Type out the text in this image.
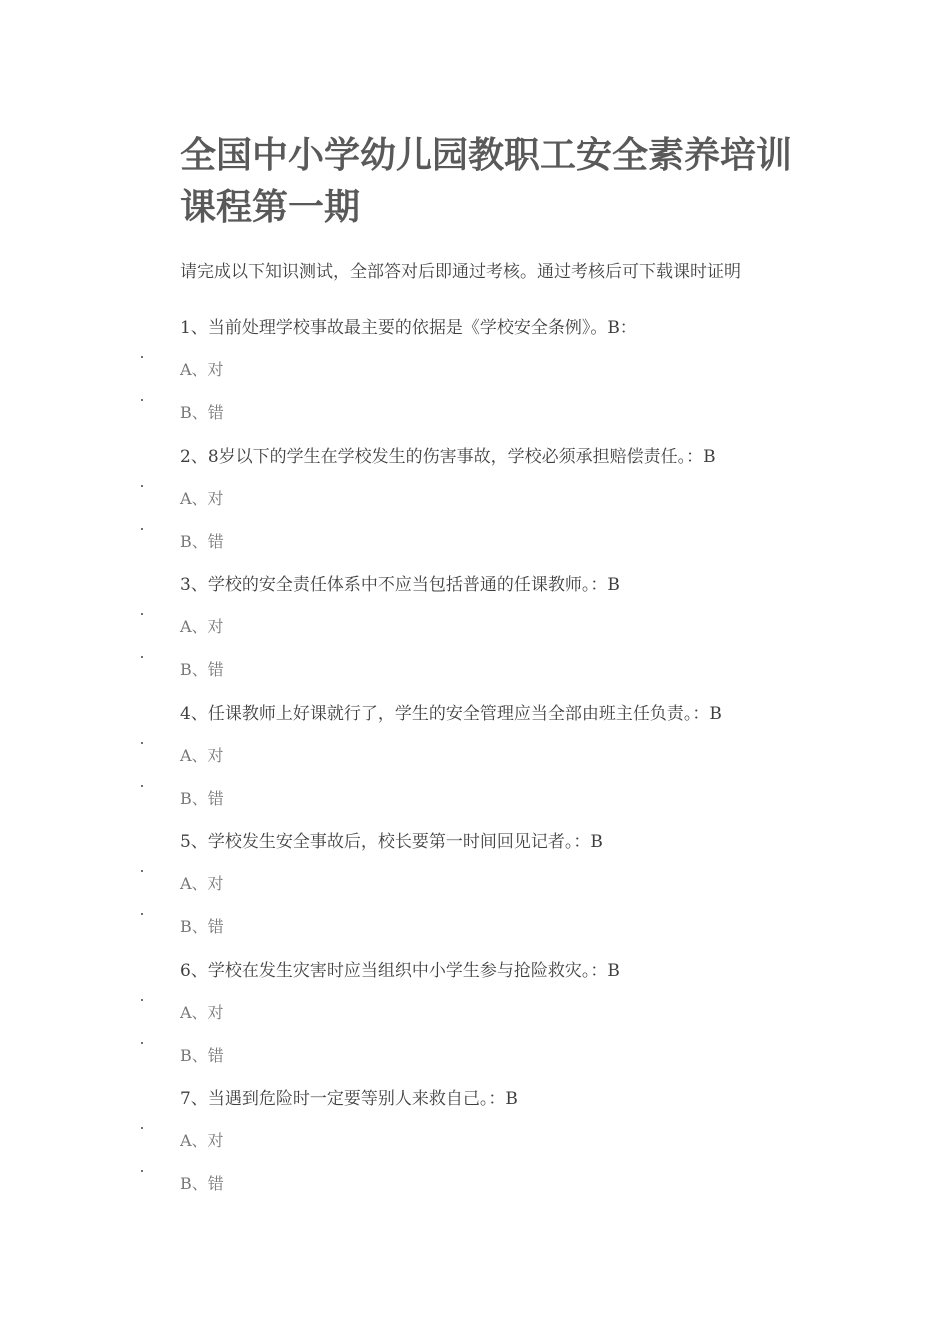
全国中小学幼儿园教职工安全素养培训课程第一期
请完成以下知识测试，全部答对后即通过考核。通过考核后可下载课时证明
1、当前处理学校事故最主要的依据是《学校安全条例》。B：
A、对
B、错
2、8岁以下的学生在学校发生的伤害事故，学校必须承担赔偿责任。：B
A、对
B、错
3、学校的安全责任体系中不应当包括普通的任课教师。：B
A、对
B、错
4、任课教师上好课就行了，学生的安全管理应当全部由班主任负责。：B
A、对
B、错
5、学校发生安全事故后，校长要第一时间回见记者。：B
A、对
B、错
6、学校在发生灾害时应当组织中小学生参与抢险救灾。：B
A、对
B、错
7、当遇到危险时一定要等别人来救自己。：B
A、对
B、错
